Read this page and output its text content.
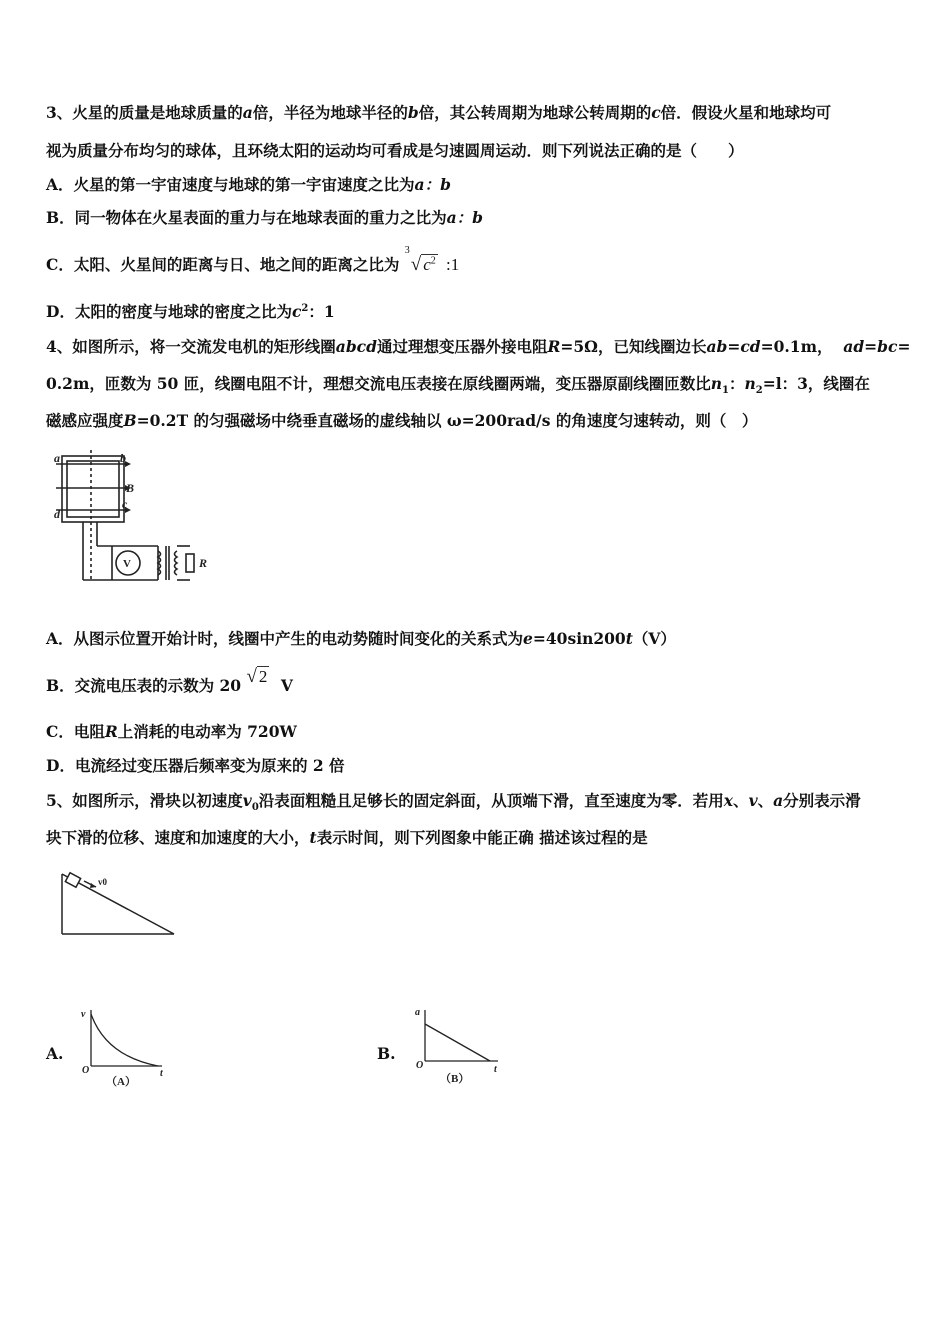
3、火星的质量是地球质量的a倍，半径为地球半径的b倍，其公转周期为地球公转周期的c倍．假设火星和地球均可
视为质量分布均匀的球体，且环绕太阳的运动均可看成是匀速圆周运动．则下列说法正确的是（　　）
A．火星的第一宇宙速度与地球的第一宇宙速度之比为a：b
B．同一物体在火星表面的重力与在地球表面的重力之比为a：b
C．太阳、火星间的距离与日、地之间的距离之比为
3
√ $c^2$ :1
D．太阳的密度与地球的密度之比为$c^2$：1
4、如图所示，将一交流发电机的矩形线圈abcd通过理想变压器外接电阻R=5Ω，已知线圈边长ab=cd=0.1m， ad=bc=
0.2m，匝数为 50 匝，线圈电阻不计，理想交流电压表接在原线圈两端，变压器原副线圈匝数比$n_1$：$n_2=l$：3，线圈在
磁感应强度B=0.2T 的匀强磁场中绕垂直磁场的虚线轴以 ω=200rad/s 的角速度匀速转动，则（　）
a	b
c
d
B
V	R
A．从图示位置开始计时，线圈中产生的电动势随时间变化的关系式为e=40sin200t（V）
B．交流电压表的示数为 20 √ 2 V
C．电阻R上消耗的电动率为 720W
D．电流经过变压器后频率变为原来的 2 倍
5、如图所示，滑块以初速度$v_0$沿表面粗糙且足够长的固定斜面，从顶端下滑，直至速度为零．若用x、v、a分别表示滑
块下滑的位移、速度和加速度的大小，t表示时间，则下列图象中能正确 描述该过程的是
v0
A.	B.
v
t
O
（A）
a
t
O
（B）
